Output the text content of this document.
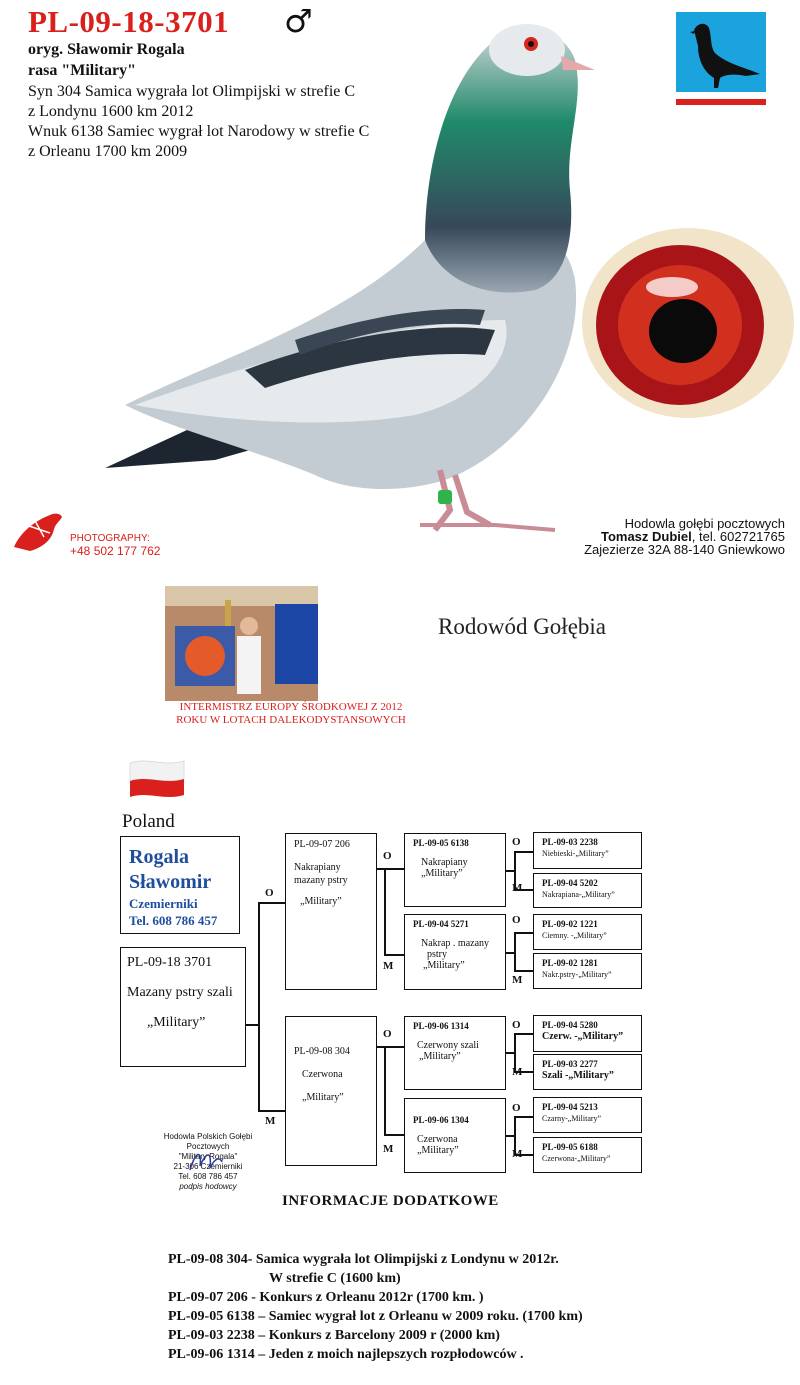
PL-09-18-3701 ♂
oryg. Sławomir Rogala
rasa "Military"
Syn 304 Samica wygrała lot Olimpijski w strefie C
z Londynu 1600 km 2012
Wnuk 6138 Samiec wygrał lot Narodowy w strefie C
z Orleanu 1700 km 2009
PHOTOGRAPHY:
+48 502 177 762
Hodowla gołębi pocztowych
Tomasz Dubiel, tel. 602721765
Zajezierze 32A 88-140 Gniewkowo
INTERMISTRZ EUROPY ŚRODKOWEJ Z 2012 ROKU W LOTACH DALEKODYSTANSOWYCH
Rodowód Gołębia
Poland
Rogala
Sławomir
Czemierniki
Tel. 608 786 457
PL-09-18 3701
Mazany pstry szali
„Military”
O
M
PL-09-07 206
Nakrapiany
mazany pstry
„Military”
PL-09-08 304
Czerwona
„Military”
O
M
O
M
PL-09-05 6138
Nakrapiany
„Military”
PL-09-04 5271
Nakrap . mazany
pstry
„Military”
PL-09-06 1314
Czerwony szali
„Military”
PL-09-06 1304
Czerwona
„Military”
O
M
O
M
O
M
O
M
PL-09-03 2238
Niebieski-„Military”
PL-09-04 5202
Nakrapiana-„Military”
PL-09-02 1221
Ciemny. -„Military”
PL-09-02 1281
Nakr.pstry-„Military”
PL-09-04 5280
Czerw. -„Military”
PL-09-03 2277
Szali -„Military”
PL-09-04 5213
Czarny-„Military”
PL-09-05 6188
Czerwona-„Military”
Hodowla Polskich Gołębi Pocztowych
"Military Rogala"
21-306 Czemierniki
Tel. 608 786 457
podpis hodowcy
INFORMACJE DODATKOWE
PL-09-08 304- Samica wygrała lot Olimpijski z Londynu w 2012r.
W strefie C (1600 km)
PL-09-07 206 - Konkurs z Orleanu 2012r (1700 km. )
PL-09-05 6138 – Samiec wygrał lot z Orleanu w 2009 roku. (1700 km)
PL-09-03 2238 – Konkurs z Barcelony 2009 r (2000 km)
PL-09-06 1314 – Jeden z moich najlepszych rozpłodowców .
